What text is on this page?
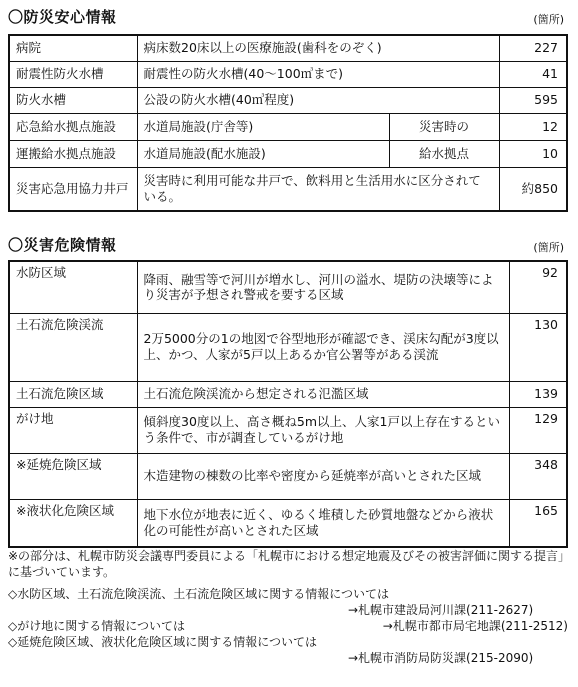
〇防災安心情報	(箇所)
病院	病床数20床以上の医療施設(歯科をのぞく)		227
耐震性防火水槽	耐震性の防火水槽(40～100㎥まで)		41
防火水槽	公設の防火水槽(40㎥程度)		595
応急給水拠点施設	水道局施設(庁舎等)	災害時の	12
運搬給水拠点施設	水道局施設(配水施設)	給水拠点	10
災害応急用協力井戸	災害時に利用可能な井戸で、飲料用と生活用水に区分されている。		約850
〇災害危険情報	(箇所)
水防区域	降雨、融雪等で河川が増水し、河川の溢水、堤防の決壊等により災害が予想され警戒を要する区域	92
土石流危険渓流	2万5000分の1の地図で谷型地形が確認でき、渓床勾配が3度以上、かつ、人家が5戸以上あるか官公署等がある渓流	130
土石流危険区域	土石流危険渓流から想定される氾濫区域	139
がけ地	傾斜度30度以上、高さ概ね5m以上、人家1戸以上存在するという条件で、市が調査しているがけ地	129
※延焼危険区域	木造建物の棟数の比率や密度から延焼率が高いとされた区域	348
※液状化危険区域	地下水位が地表に近く、ゆるく堆積した砂質地盤などから液状化の可能性が高いとされた区域	165
※の部分は、札幌市防災会議専門委員による「札幌市における想定地震及びその被害評価に関する提言」に基づいています。
◇水防区域、土石流危険渓流、土石流危険区域に関する情報については
→札幌市建設局河川課(211-2627)
◇がけ地に関する情報については	→札幌市都市局宅地課(211-2512)
◇延焼危険区域、液状化危険区域に関する情報については
→札幌市消防局防災課(215-2090)
